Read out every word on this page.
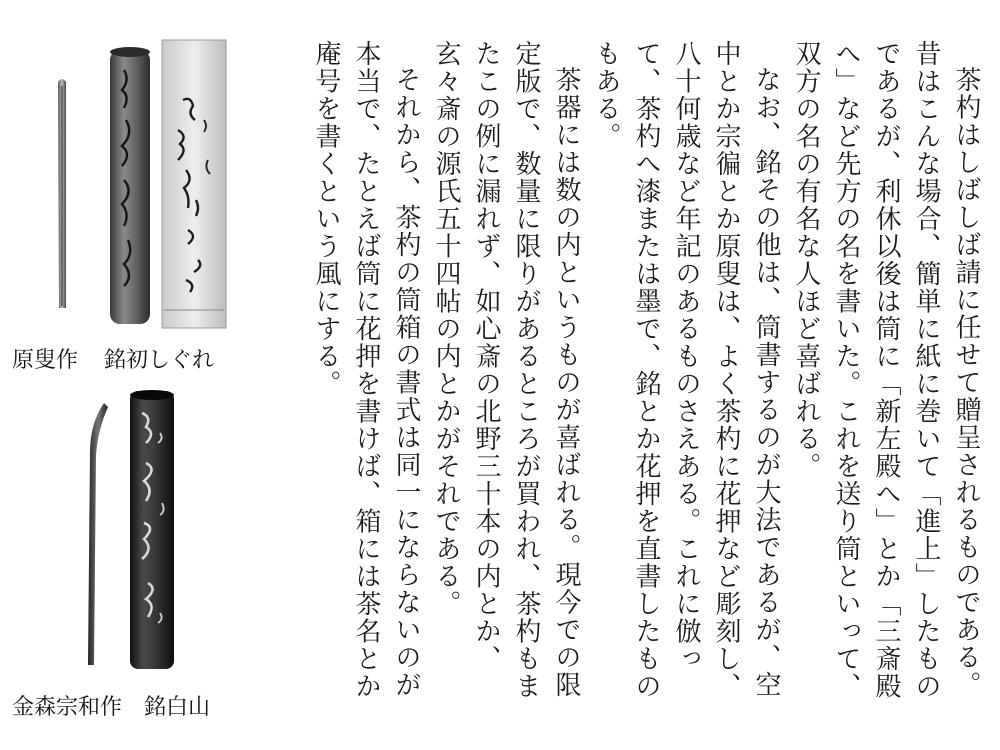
原叟作 銘初しぐれ
金森宗和作 銘白山

茶杓はしばしば請に任せて贈呈されるものである。昔はこんな場合、簡単に紙に巻いて「進上」したものであるが、利休以後は筒に「新左殿へ」とか「三斎殿へ」など先方の名を書いた。これを送り筒といって、双方の名の有名な人ほど喜ばれる。

なお、銘その他は、筒書するのが大法であるが、空中とか宗徧とか原叟は、よく茶杓に花押など彫刻し、八十何歳など年記のあるものさえある。これに倣って、茶杓へ漆または墨で、銘とか花押を直書したものもある。

茶器には数の内というものが喜ばれる。現今での限定版で、数量に限りがあるところが買われ、茶杓もまたこの例に漏れず、如心斎の北野三十本の内とか、玄々斎の源氏五十四帖の内とかがそれである。

それから、茶杓の筒箱の書式は同一にならないのが本当で、たとえば筒に花押を書けば、箱には茶名とか庵号を書くという風にする。
